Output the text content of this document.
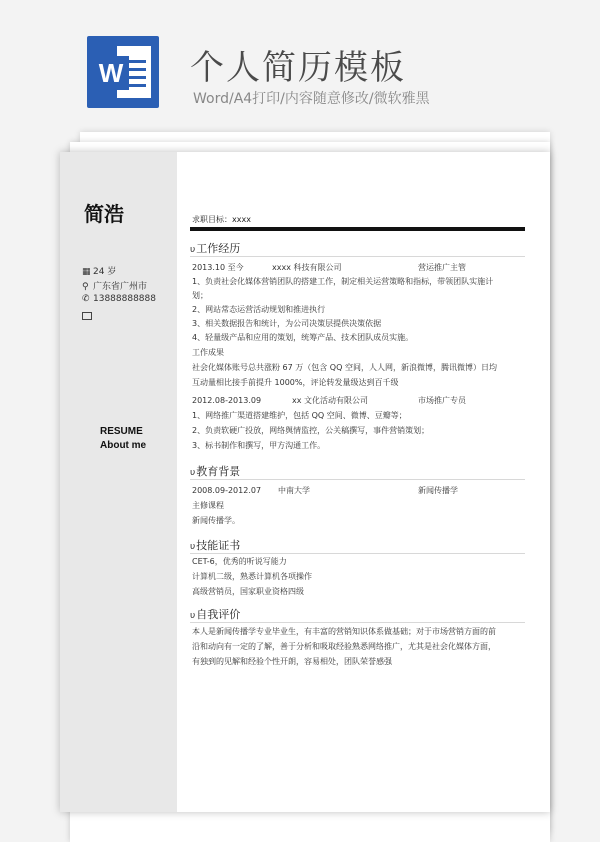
W 个人简历模板
Word/A4打印/内容随意修改/微软雅黑
简浩
▦ 24 岁
⚲ 广东省广州市
✆ 13888888888
RESUME
About me
求职目标：xxxx
υ工作经历
2013.10 至今	xxxx 科技有限公司	营运推广主管
1、负责社会化媒体营销团队的搭建工作，制定相关运营策略和指标，带领团队实施计
划；
2、网站常态运营活动规划和推进执行
3、相关数据报告和统计，为公司决策层提供决策依据
4、轻量级产品和应用的策划，统筹产品、技术团队成员实施。
工作成果
社会化媒体账号总共涨粉 67 万（包含 QQ 空间，人人网，新浪微博，腾讯微博）日均
互动量相比接手前提升 1000%，评论转发量级达到百千级
2012.08-2013.09	xx 文化活动有限公司	市场推广专员
1、网络推广渠道搭建维护，包括 QQ 空间、微博、豆瓣等；
2、负责软硬广投放，网络舆情监控，公关稿撰写，事件营销策划；
3、标书制作和撰写，甲方沟通工作。
υ教育背景
2008.09-2012.07 中南大学	新闻传播学
主修课程
新闻传播学。
υ技能证书
CET-6，优秀的听说写能力
计算机二级，熟悉计算机各项操作
高级营销员，国家职业资格四级
υ自我评价
本人是新闻传播学专业毕业生，有丰富的营销知识体系做基础；对于市场营销方面的前
沿和动向有一定的了解，善于分析和吸取经验熟悉网络推广，尤其是社会化媒体方面，
有独到的见解和经验个性开朗，容易相处，团队荣誉感强
